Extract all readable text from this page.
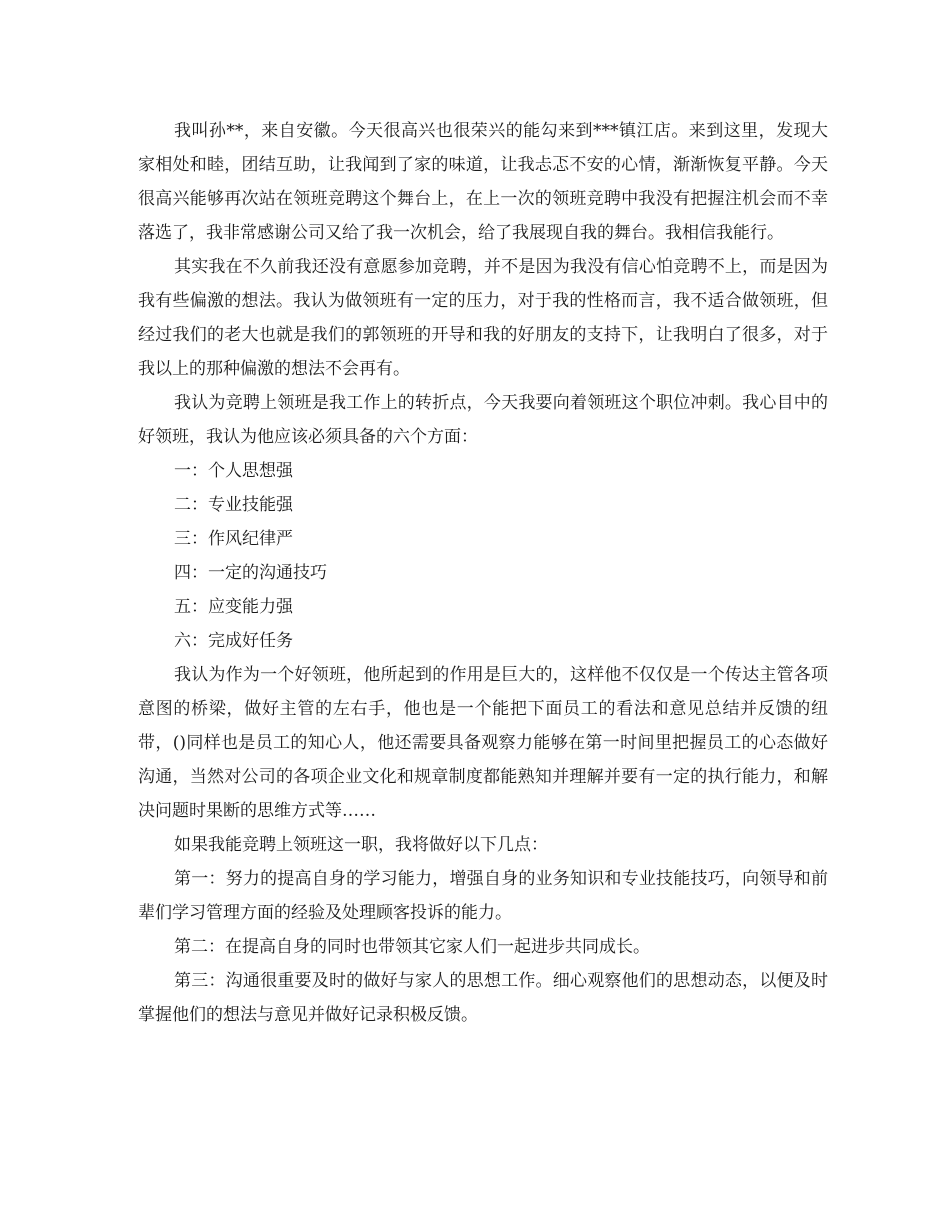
我叫孙**，来自安徽。今天很高兴也很荣兴的能勾来到***镇江店。来到这里，发现大家相处和睦，团结互助，让我闻到了家的味道，让我忐忑不安的心情，渐渐恢复平静。今天很高兴能够再次站在领班竞聘这个舞台上，在上一次的领班竞聘中我没有把握注机会而不幸落选了，我非常感谢公司又给了我一次机会，给了我展现自我的舞台。我相信我能行。

其实我在不久前我还没有意愿参加竞聘，并不是因为我没有信心怕竞聘不上，而是因为我有些偏激的想法。我认为做领班有一定的压力，对于我的性格而言，我不适合做领班，但经过我们的老大也就是我们的郭领班的开导和我的好朋友的支持下，让我明白了很多，对于我以上的那种偏激的想法不会再有。

我认为竞聘上领班是我工作上的转折点，今天我要向着领班这个职位冲刺。我心目中的好领班，我认为他应该必须具备的六个方面：

一：个人思想强

二：专业技能强

三：作风纪律严

四：一定的沟通技巧

五：应变能力强

六：完成好任务

我认为作为一个好领班，他所起到的作用是巨大的，这样他不仅仅是一个传达主管各项意图的桥梁，做好主管的左右手，他也是一个能把下面员工的看法和意见总结并反馈的纽带，()同样也是员工的知心人，他还需要具备观察力能够在第一时间里把握员工的心态做好沟通，当然对公司的各项企业文化和规章制度都能熟知并理解并要有一定的执行能力，和解决问题时果断的思维方式等……

如果我能竞聘上领班这一职，我将做好以下几点：

第一：努力的提高自身的学习能力，增强自身的业务知识和专业技能技巧，向领导和前辈们学习管理方面的经验及处理顾客投诉的能力。

第二：在提高自身的同时也带领其它家人们一起进步共同成长。

第三：沟通很重要及时的做好与家人的思想工作。细心观察他们的思想动态，以便及时掌握他们的想法与意见并做好记录积极反馈。
